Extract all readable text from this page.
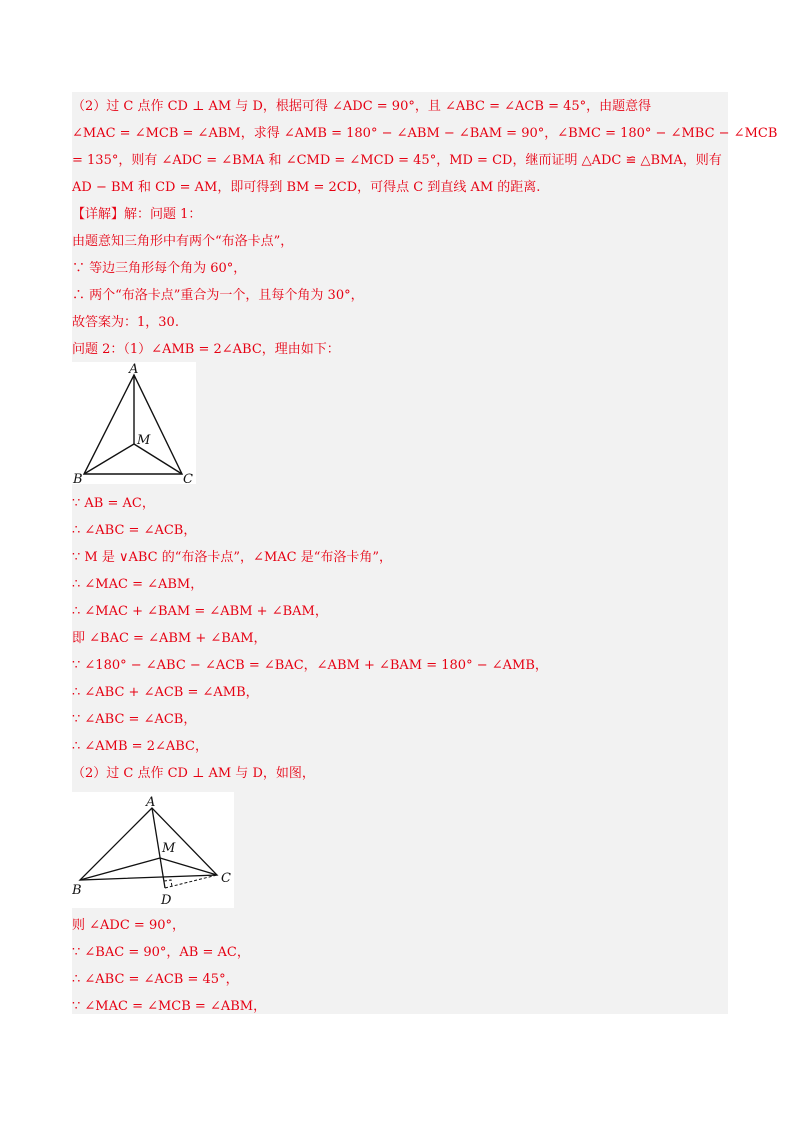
（2）过 C 点作 CD ⊥ AM 与 D，根据可得 ∠ADC = 90°，且 ∠ABC = ∠ACB = 45°，由题意得
∠MAC = ∠MCB = ∠ABM，求得 ∠AMB = 180° − ∠ABM − ∠BAM = 90°，∠BMC = 180° − ∠MBC − ∠MCB
= 135°，则有 ∠ADC = ∠BMA 和 ∠CMD = ∠MCD = 45°，MD = CD，继而证明 △ADC ≌ △BMA，则有
AD − BM 和 CD = AM，即可得到 BM = 2CD，可得点 C 到直线 AM 的距离.
【详解】解：问题 1：
由题意知三角形中有两个“布洛卡点”，
∵ 等边三角形每个角为 60°，
∴ 两个“布洛卡点”重合为一个，且每个角为 30°，
故答案为：1，30.
问题 2：（1）∠AMB = 2∠ABC，理由如下：
∵ AB = AC，
∴ ∠ABC = ∠ACB，
∵ M 是 ∨ABC 的“布洛卡点”，∠MAC 是“布洛卡角”，
∴ ∠MAC = ∠ABM，
∴ ∠MAC + ∠BAM = ∠ABM + ∠BAM，
即 ∠BAC = ∠ABM + ∠BAM，
∵ ∠180° − ∠ABC − ∠ACB = ∠BAC，∠ABM + ∠BAM = 180° − ∠AMB，
∴ ∠ABC + ∠ACB = ∠AMB，
∵ ∠ABC = ∠ACB，
∴ ∠AMB = 2∠ABC，
（2）过 C 点作 CD ⊥ AM 与 D，如图，
则 ∠ADC = 90°，
∵ ∠BAC = 90°，AB = AC，
∴ ∠ABC = ∠ACB = 45°，
∵ ∠MAC = ∠MCB = ∠ABM，
A
B	C
M
A
B
C
M
D
